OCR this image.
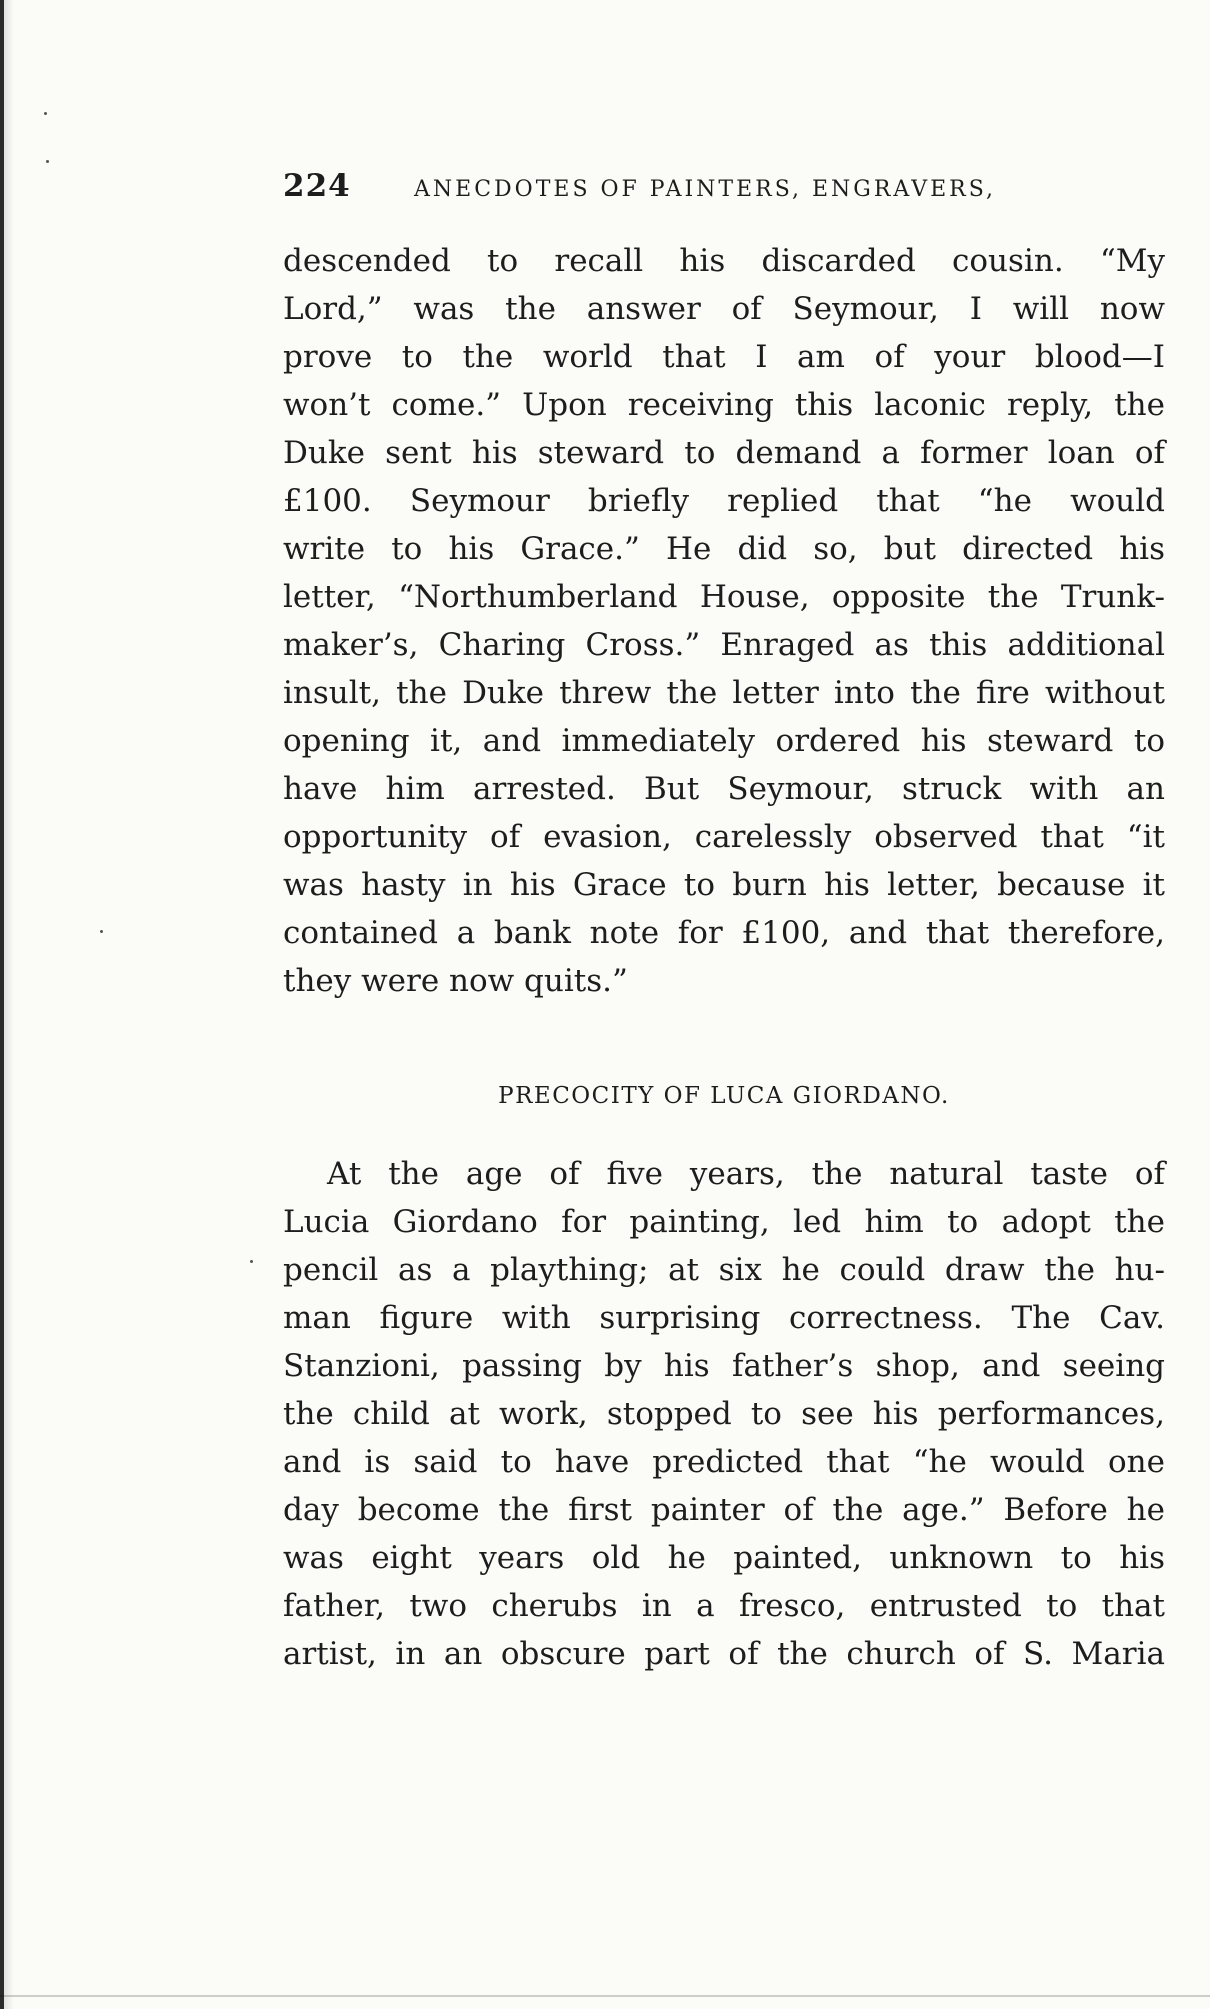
224	ANECDOTES OF PAINTERS, ENGRAVERS,
descended to recall his discarded cousin. “My
Lord,” was the answer of Seymour, I will now
prove to the world that I am of your blood—I
won’t come.” Upon receiving this laconic reply, the
Duke sent his steward to demand a former loan of
£100. Seymour briefly replied that “he would
write to his Grace.” He did so, but directed his
letter, “Northumberland House, opposite the Trunk-
maker’s, Charing Cross.” Enraged as this additional
insult, the Duke threw the letter into the fire without
opening it, and immediately ordered his steward to
have him arrested. But Seymour, struck with an
opportunity of evasion, carelessly observed that “it
was hasty in his Grace to burn his letter, because it
contained a bank note for £100, and that therefore,
they were now quits.”
PRECOCITY OF LUCA GIORDANO.
At the age of five years, the natural taste of
Lucia Giordano for painting, led him to adopt the
pencil as a plaything; at six he could draw the hu-
man figure with surprising correctness. The Cav.
Stanzioni, passing by his father’s shop, and seeing
the child at work, stopped to see his performances,
and is said to have predicted that “he would one
day become the first painter of the age.” Before he
was eight years old he painted, unknown to his
father, two cherubs in a fresco, entrusted to that
artist, in an obscure part of the church of S. Maria
